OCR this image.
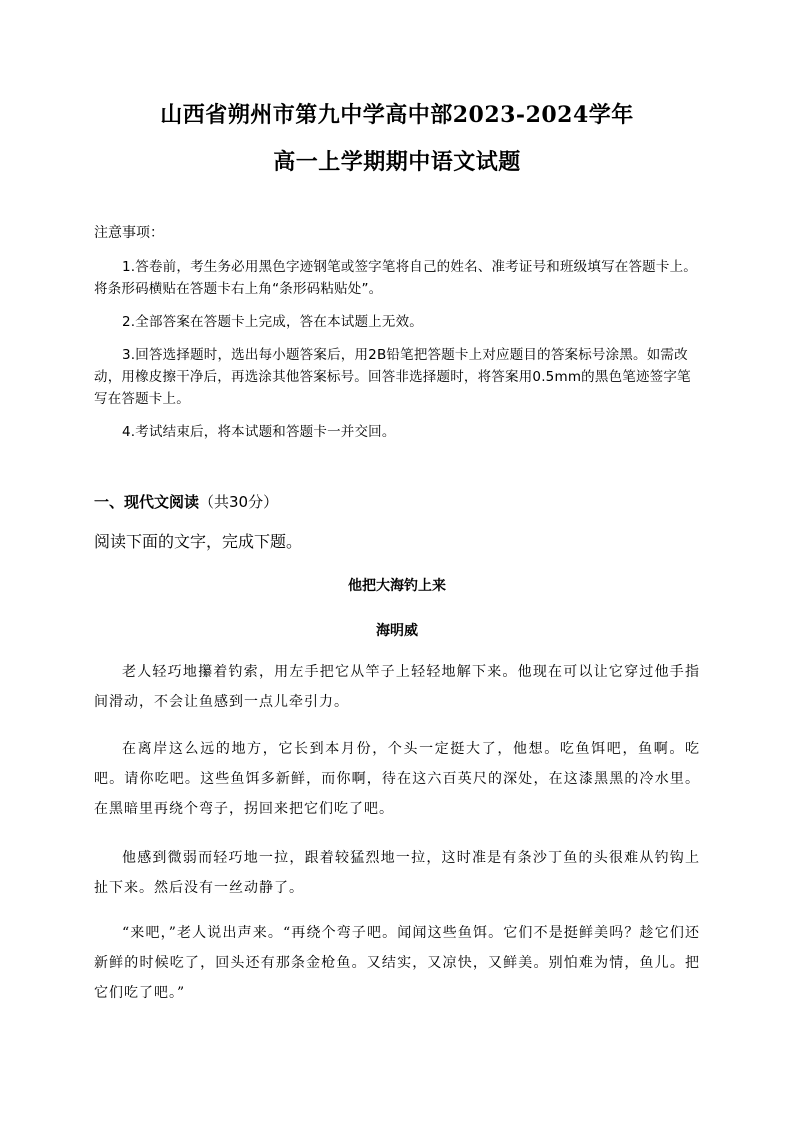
山西省朔州市第九中学高中部2023-2024学年
高一上学期期中语文试题
注意事项：
1.答卷前，考生务必用黑色字迹钢笔或签字笔将自己的姓名、准考证号和班级填写在答题卡上。将条形码横贴在答题卡右上角“条形码粘贴处”。
2.全部答案在答题卡上完成，答在本试题上无效。
3.回答选择题时，选出每小题答案后，用2B铅笔把答题卡上对应题目的答案标号涂黑。如需改动，用橡皮擦干净后，再选涂其他答案标号。回答非选择题时，将答案用0.5mm的黑色笔迹签字笔写在答题卡上。
4.考试结束后，将本试题和答题卡一并交回。
一、现代文阅读（共30分）
阅读下面的文字，完成下题。
他把大海钓上来
海明威
老人轻巧地攥着钓索，用左手把它从竿子上轻轻地解下来。他现在可以让它穿过他手指间滑动，不会让鱼感到一点儿牵引力。
在离岸这么远的地方，它长到本月份，个头一定挺大了，他想。吃鱼饵吧，鱼啊。吃吧。请你吃吧。这些鱼饵多新鲜，而你啊，待在这六百英尺的深处，在这漆黑黑的冷水里。在黑暗里再绕个弯子，拐回来把它们吃了吧。
他感到微弱而轻巧地一拉，跟着较猛烈地一拉，这时准是有条沙丁鱼的头很难从钓钩上扯下来。然后没有一丝动静了。
“来吧，”老人说出声来。“再绕个弯子吧。闻闻这些鱼饵。它们不是挺鲜美吗？趁它们还新鲜的时候吃了，回头还有那条金枪鱼。又结实，又凉快，又鲜美。别怕难为情，鱼儿。把它们吃了吧。”
